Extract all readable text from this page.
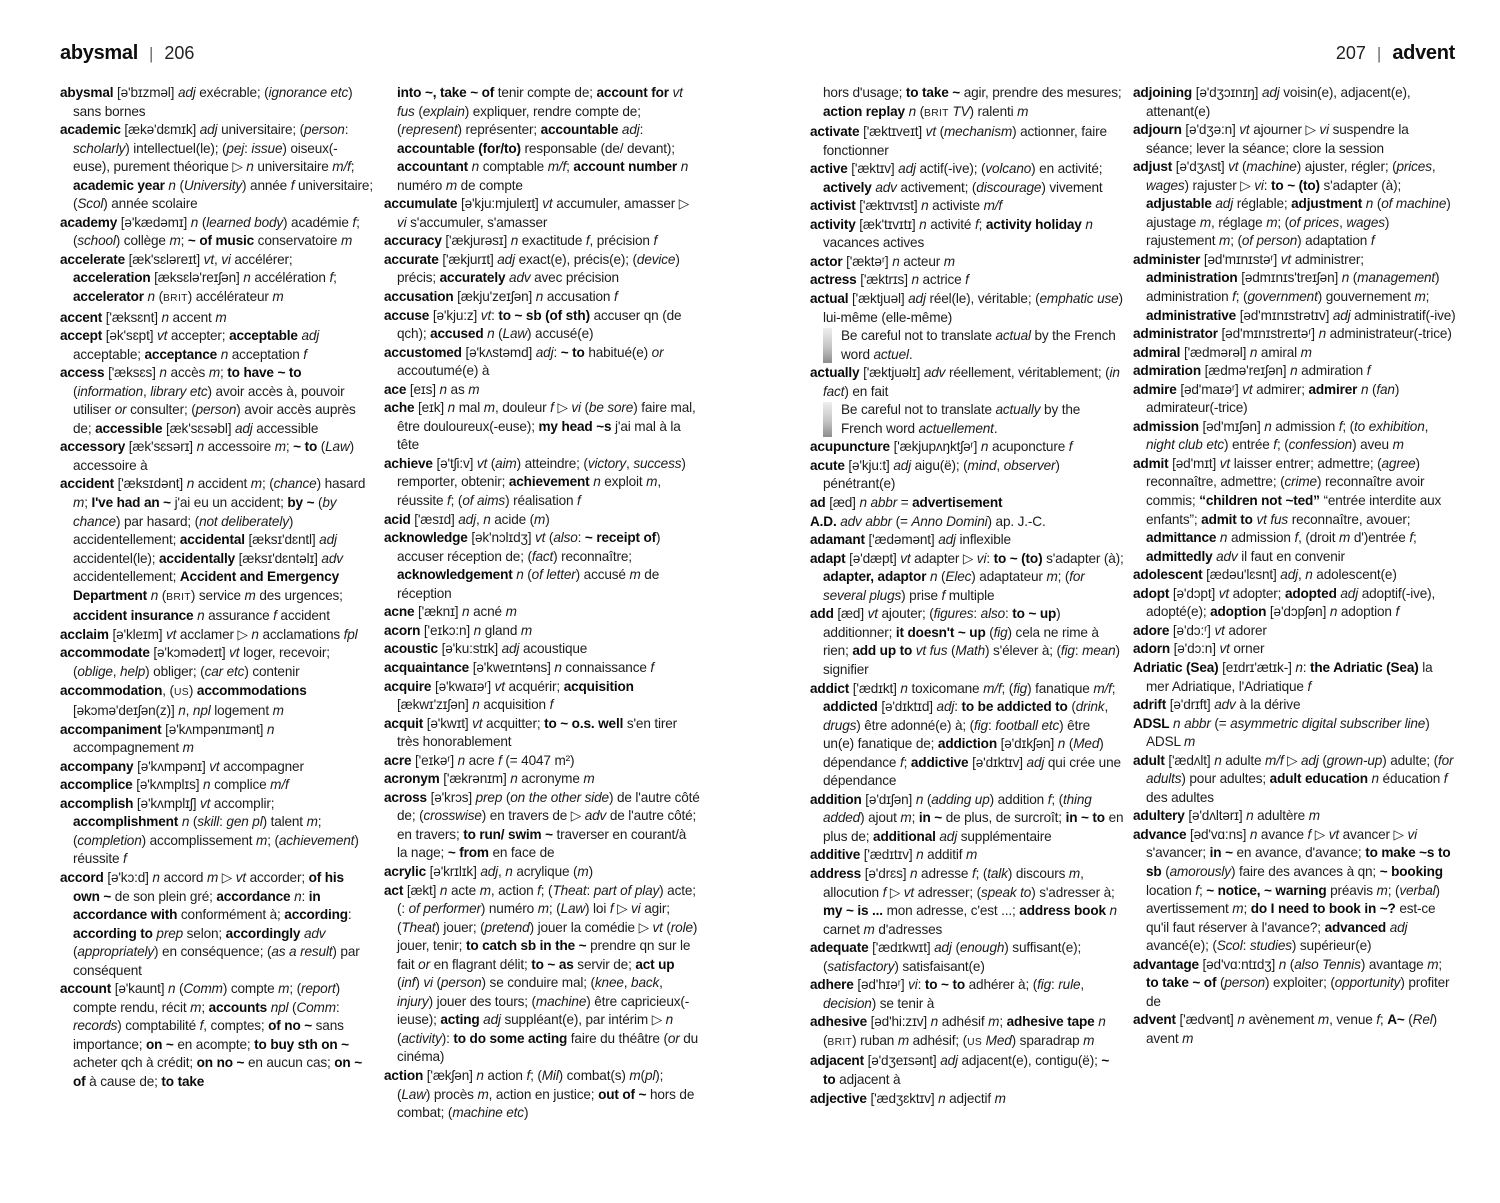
abysmal | 206	207 | advent

abysmal [ə'bɪzməl] adj exécrable; (ignorance etc) sans bornes

academic [ækə'dɛmɪk] adj universitaire; (person: scholarly) intellectuel(le); (pej: issue) oiseux(-euse), purement théorique ▷ n universitaire m/f; academic year n (University) année f universitaire; (Scol) année scolaire

academy [ə'kædəmɪ] n (learned body) académie f; (school) collège m; ~ of music conservatoire m

accelerate [æk'sɛləreɪt] vt, vi accélérer; acceleration [æksɛlə'reɪʃən] n accélération f; accelerator n (BRIT) accélérateur m

accent ['æksɛnt] n accent m

accept [ək'sɛpt] vt accepter; acceptable adj acceptable; acceptance n acceptation f

access ['æksɛs] n accès m; to have ~ to (information, library etc) avoir accès à, pouvoir utiliser or consulter; (person) avoir accès auprès de; accessible [æk'sɛsəbl] adj accessible

accessory [æk'sɛsərɪ] n accessoire m; ~ to (Law) accessoire à

accident ['æksɪdənt] n accident m; (chance) hasard m; I've had an ~ j'ai eu un accident; by ~ (by chance) par hasard; (not deliberately) accidentellement; accidental [æksɪ'dɛntl] adj accidentel(le); accidentally [æksɪ'dɛntəlɪ] adv accidentellement; Accident and Emergency Department n (BRIT) service m des urgences; accident insurance n assurance f accident

acclaim [ə'kleɪm] vt acclamer ▷ n acclamations fpl

accommodate [ə'kɔmədeɪt] vt loger, recevoir; (oblige, help) obliger; (car etc) contenir

accommodation, (US) accommodations [əkɔmə'deɪʃən(z)] n, npl logement m

accompaniment [ə'kʌmpənɪmənt] n accompagnement m

accompany [ə'kʌmpənɪ] vt accompagner

accomplice [ə'kʌmplɪs] n complice m/f

accomplish [ə'kʌmplɪʃ] vt accomplir; accomplishment n (skill: gen pl) talent m; (completion) accomplissement m; (achievement) réussite f

accord [ə'kɔ:d] n accord m ▷ vt accorder; of his own ~ de son plein gré; accordance n: in accordance with conformément à; according: according to prep selon; accordingly adv (appropriately) en conséquence; (as a result) par conséquent

account [ə'kaunt] n (Comm) compte m; (report) compte rendu, récit m; accounts npl (Comm: records) comptabilité f, comptes; of no ~ sans importance; on ~ en acompte; to buy sth on ~ acheter qch à crédit; on no ~ en aucun cas; on ~ of à cause de; to take

into ~, take ~ of tenir compte de; account for vt fus (explain) expliquer, rendre compte de; (represent) représenter; accountable adj: accountable (for/to) responsable (de/ devant); accountant n comptable m/f; account number n numéro m de compte

accumulate [ə'kju:mjuleɪt] vt accumuler, amasser ▷ vi s'accumuler, s'amasser

accuracy ['ækjurəsɪ] n exactitude f, précision f

accurate ['ækjurɪt] adj exact(e), précis(e); (device) précis; accurately adv avec précision

accusation [ækju'zeɪʃən] n accusation f

accuse [ə'kju:z] vt: to ~ sb (of sth) accuser qn (de qch); accused n (Law) accusé(e)

accustomed [ə'kʌstəmd] adj: ~ to habitué(e) or accoutumé(e) à

ace [eɪs] n as m

ache [eɪk] n mal m, douleur f ▷ vi (be sore) faire mal, être douloureux(-euse); my head ~s j'ai mal à la tête

achieve [ə'tʃi:v] vt (aim) atteindre; (victory, success) remporter, obtenir; achievement n exploit m, réussite f; (of aims) réalisation f

acid ['æsɪd] adj, n acide (m)

acknowledge [ək'nɔlɪdʒ] vt (also: ~ receipt of) accuser réception de; (fact) reconnaître; acknowledgement n (of letter) accusé m de réception

acne ['æknɪ] n acné m

acorn ['eɪkɔ:n] n gland m

acoustic [ə'ku:stɪk] adj acoustique

acquaintance [ə'kweɪntəns] n connaissance f

acquire [ə'kwaɪəʳ] vt acquérir; acquisition [ækwɪ'zɪʃən] n acquisition f

acquit [ə'kwɪt] vt acquitter; to ~ o.s. well s'en tirer très honorablement

acre ['eɪkəʳ] n acre f (= 4047 m²)

acronym ['ækrənɪm] n acronyme m

across [ə'krɔs] prep (on the other side) de l'autre côté de; (crosswise) en travers de ▷ adv de l'autre côté; en travers; to run/ swim ~ traverser en courant/à la nage; ~ from en face de

acrylic [ə'krɪlɪk] adj, n acrylique (m)

act [ækt] n acte m, action f; (Theat: part of play) acte; (: of performer) numéro m; (Law) loi f ▷ vi agir; (Theat) jouer; (pretend) jouer la comédie ▷ vt (role) jouer, tenir; to catch sb in the ~ prendre qn sur le fait or en flagrant délit; to ~ as servir de; act up (inf) vi (person) se conduire mal; (knee, back, injury) jouer des tours; (machine) être capricieux(-ieuse); acting adj suppléant(e), par intérim ▷ n (activity): to do some acting faire du théâtre (or du cinéma)

action ['ækʃən] n action f; (Mil) combat(s) m(pl); (Law) procès m, action en justice; out of ~ hors de combat; (machine etc)

hors d'usage; to take ~ agir, prendre des mesures; action replay n (BRIT TV) ralenti m

activate ['æktɪveɪt] vt (mechanism) actionner, faire fonctionner

active ['æktɪv] adj actif(-ive); (volcano) en activité; actively adv activement; (discourage) vivement

activist ['æktɪvɪst] n activiste m/f

activity [æk'tɪvɪtɪ] n activité f; activity holiday n vacances actives

actor ['æktəʳ] n acteur m

actress ['æktrɪs] n actrice f

actual ['æktjuəl] adj réel(le), véritable; (emphatic use) lui-même (elle-même)

Be careful not to translate actual by the French word actuel.

actually ['æktjuəlɪ] adv réellement, véritablement; (in fact) en fait

Be careful not to translate actually by the French word actuellement.

acupuncture ['ækjupʌŋktʃəʳ] n acuponcture f

acute [ə'kju:t] adj aigu(ë); (mind, observer) pénétrant(e)

ad [æd] n abbr = advertisement

A.D. adv abbr (= Anno Domini) ap. J.-C.

adamant ['ædəmənt] adj inflexible

adapt [ə'dæpt] vt adapter ▷ vi: to ~ (to) s'adapter (à); adapter, adaptor n (Elec) adaptateur m; (for several plugs) prise f multiple

add [æd] vt ajouter; (figures: also: to ~ up) additionner; it doesn't ~ up (fig) cela ne rime à rien; add up to vt fus (Math) s'élever à; (fig: mean) signifier

addict ['ædɪkt] n toxicomane m/f; (fig) fanatique m/f; addicted [ə'dɪktɪd] adj: to be addicted to (drink, drugs) être adonné(e) à; (fig: football etc) être un(e) fanatique de; addiction [ə'dɪkʃən] n (Med) dépendance f; addictive [ə'dɪktɪv] adj qui crée une dépendance

addition [ə'dɪʃən] n (adding up) addition f; (thing added) ajout m; in ~ de plus, de surcroît; in ~ to en plus de; additional adj supplémentaire

additive ['ædɪtɪv] n additif m

address [ə'drɛs] n adresse f; (talk) discours m, allocution f ▷ vt adresser; (speak to) s'adresser à; my ~ is ... mon adresse, c'est ...; address book n carnet m d'adresses

adequate ['ædɪkwɪt] adj (enough) suffisant(e); (satisfactory) satisfaisant(e)

adhere [əd'hɪəʳ] vi: to ~ to adhérer à; (fig: rule, decision) se tenir à

adhesive [əd'hi:zɪv] n adhésif m; adhesive tape n (BRIT) ruban m adhésif; (US Med) sparadrap m

adjacent [ə'dʒeɪsənt] adj adjacent(e), contigu(ë); ~ to adjacent à

adjective ['ædʒɛktɪv] n adjectif m

adjoining [ə'dʒɔɪnɪŋ] adj voisin(e), adjacent(e), attenant(e)

adjourn [ə'dʒə:n] vt ajourner ▷ vi suspendre la séance; lever la séance; clore la session

adjust [ə'dʒʌst] vt (machine) ajuster, régler; (prices, wages) rajuster ▷ vi: to ~ (to) s'adapter (à); adjustable adj réglable; adjustment n (of machine) ajustage m, réglage m; (of prices, wages) rajustement m; (of person) adaptation f

administer [əd'mɪnɪstəʳ] vt administrer; administration [ədmɪnɪs'treɪʃən] n (management) administration f; (government) gouvernement m; administrative [əd'mɪnɪstrətɪv] adj administratif(-ive)

administrator [əd'mɪnɪstreɪtəʳ] n administrateur(-trice)

admiral ['ædmərəl] n amiral m

admiration [ædmə'reɪʃən] n admiration f

admire [əd'maɪəʳ] vt admirer; admirer n (fan) admirateur(-trice)

admission [əd'mɪʃən] n admission f; (to exhibition, night club etc) entrée f; (confession) aveu m

admit [əd'mɪt] vt laisser entrer; admettre; (agree) reconnaître, admettre; (crime) reconnaître avoir commis; “children not ~ted” “entrée interdite aux enfants”; admit to vt fus reconnaître, avouer; admittance n admission f, (droit m d')entrée f; admittedly adv il faut en convenir

adolescent [ædəu'lɛsnt] adj, n adolescent(e)

adopt [ə'dɔpt] vt adopter; adopted adj adoptif(-ive), adopté(e); adoption [ə'dɔpʃən] n adoption f

adore [ə'dɔ:ʳ] vt adorer

adorn [ə'dɔ:n] vt orner

Adriatic (Sea) [eɪdrɪ'ætɪk-] n: the Adriatic (Sea) la mer Adriatique, l'Adriatique f

adrift [ə'drɪft] adv à la dérive

ADSL n abbr (= asymmetric digital subscriber line) ADSL m

adult ['ædʌlt] n adulte m/f ▷ adj (grown-up) adulte; (for adults) pour adultes; adult education n éducation f des adultes

adultery [ə'dʌltərɪ] n adultère m

advance [əd'vɑ:ns] n avance f ▷ vt avancer ▷ vi s'avancer; in ~ en avance, d'avance; to make ~s to sb (amorously) faire des avances à qn; ~ booking location f; ~ notice, ~ warning préavis m; (verbal) avertissement m; do I need to book in ~? est-ce qu'il faut réserver à l'avance?; advanced adj avancé(e); (Scol: studies) supérieur(e)

advantage [əd'vɑ:ntɪdʒ] n (also Tennis) avantage m; to take ~ of (person) exploiter; (opportunity) profiter de

advent ['ædvənt] n avènement m, venue f; A~ (Rel) avent m
